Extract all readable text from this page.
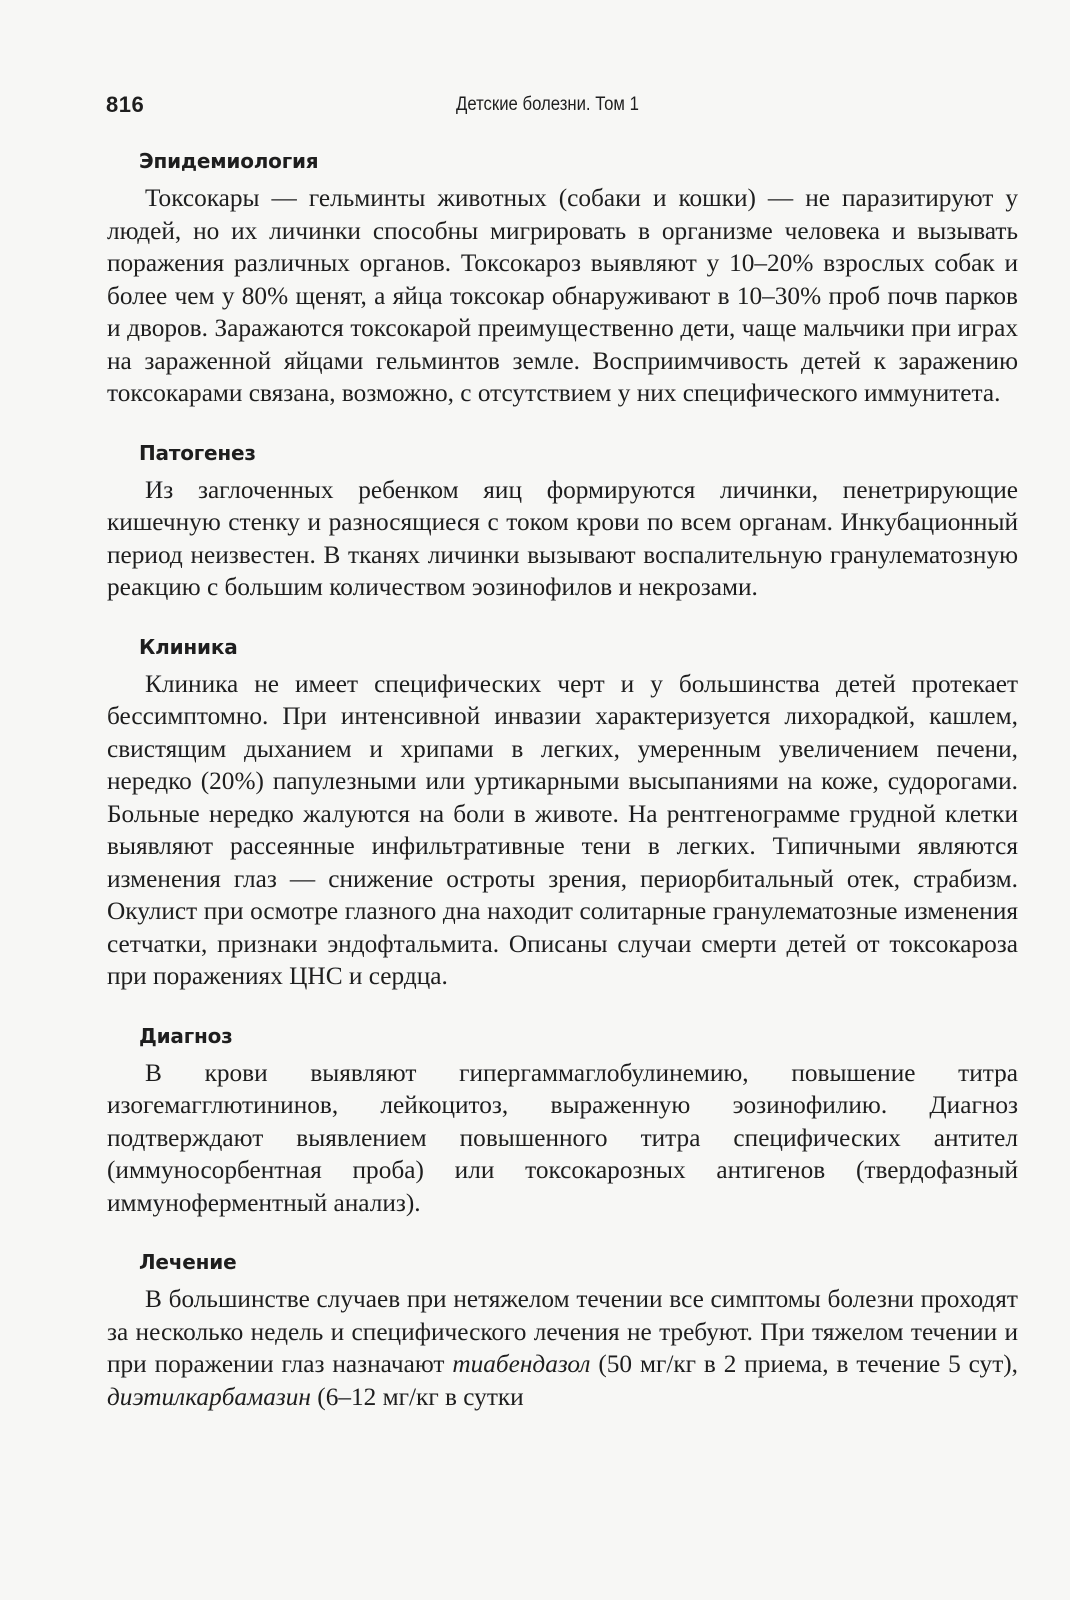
816	Детские болезни. Том 1
Эпидемиология

Токсокары — гельминты животных (собаки и кошки) — не паразитируют у людей, но их личинки способны мигрировать в организме человека и вызывать поражения различных органов. Токсокароз выявляют у 10–20% взрослых собак и более чем у 80% щенят, а яйца токсокар обнаруживают в 10–30% проб почв парков и дворов. Заражаются токсокарой преимущественно дети, чаще мальчики при играх на зараженной яйцами гельминтов земле. Восприимчивость детей к заражению токсокарами связана, возможно, с отсутствием у них специфического иммунитета.

Патогенез

Из заглоченных ребенком яиц формируются личинки, пенетрирующие кишечную стенку и разносящиеся с током крови по всем органам. Инкубационный период неизвестен. В тканях личинки вызывают воспалительную гранулематозную реакцию с большим количеством эозинофилов и некрозами.

Клиника

Клиника не имеет специфических черт и у большинства детей протекает бессимптомно. При интенсивной инвазии характеризуется лихорадкой, кашлем, свистящим дыханием и хрипами в легких, умеренным увеличением печени, нередко (20%) папулезными или уртикарными высыпаниями на коже, судорогами. Больные нередко жалуются на боли в животе. На рентгенограмме грудной клетки выявляют рассеянные инфильтративные тени в легких. Типичными являются изменения глаз — снижение остроты зрения, периорбитальный отек, страбизм. Окулист при осмотре глазного дна находит солитарные гранулематозные изменения сетчатки, признаки эндофтальмита. Описаны случаи смерти детей от токсокароза при поражениях ЦНС и сердца.

Диагноз

В крови выявляют гипергаммаглобулинемию, повышение титра изогемагглютининов, лейкоцитоз, выраженную эозинофилию. Диагноз подтверждают выявлением повышенного титра специфических антител (иммуносорбентная проба) или токсокарозных антигенов (твердофазный иммуноферментный анализ).

Лечение

В большинстве случаев при нетяжелом течении все симптомы болезни проходят за несколько недель и специфического лечения не требуют. При тяжелом течении и при поражении глаз назначают тиабендазол (50 мг/кг в 2 приема, в течение 5 сут), диэтилкарбамазин (6–12 мг/кг в сутки
